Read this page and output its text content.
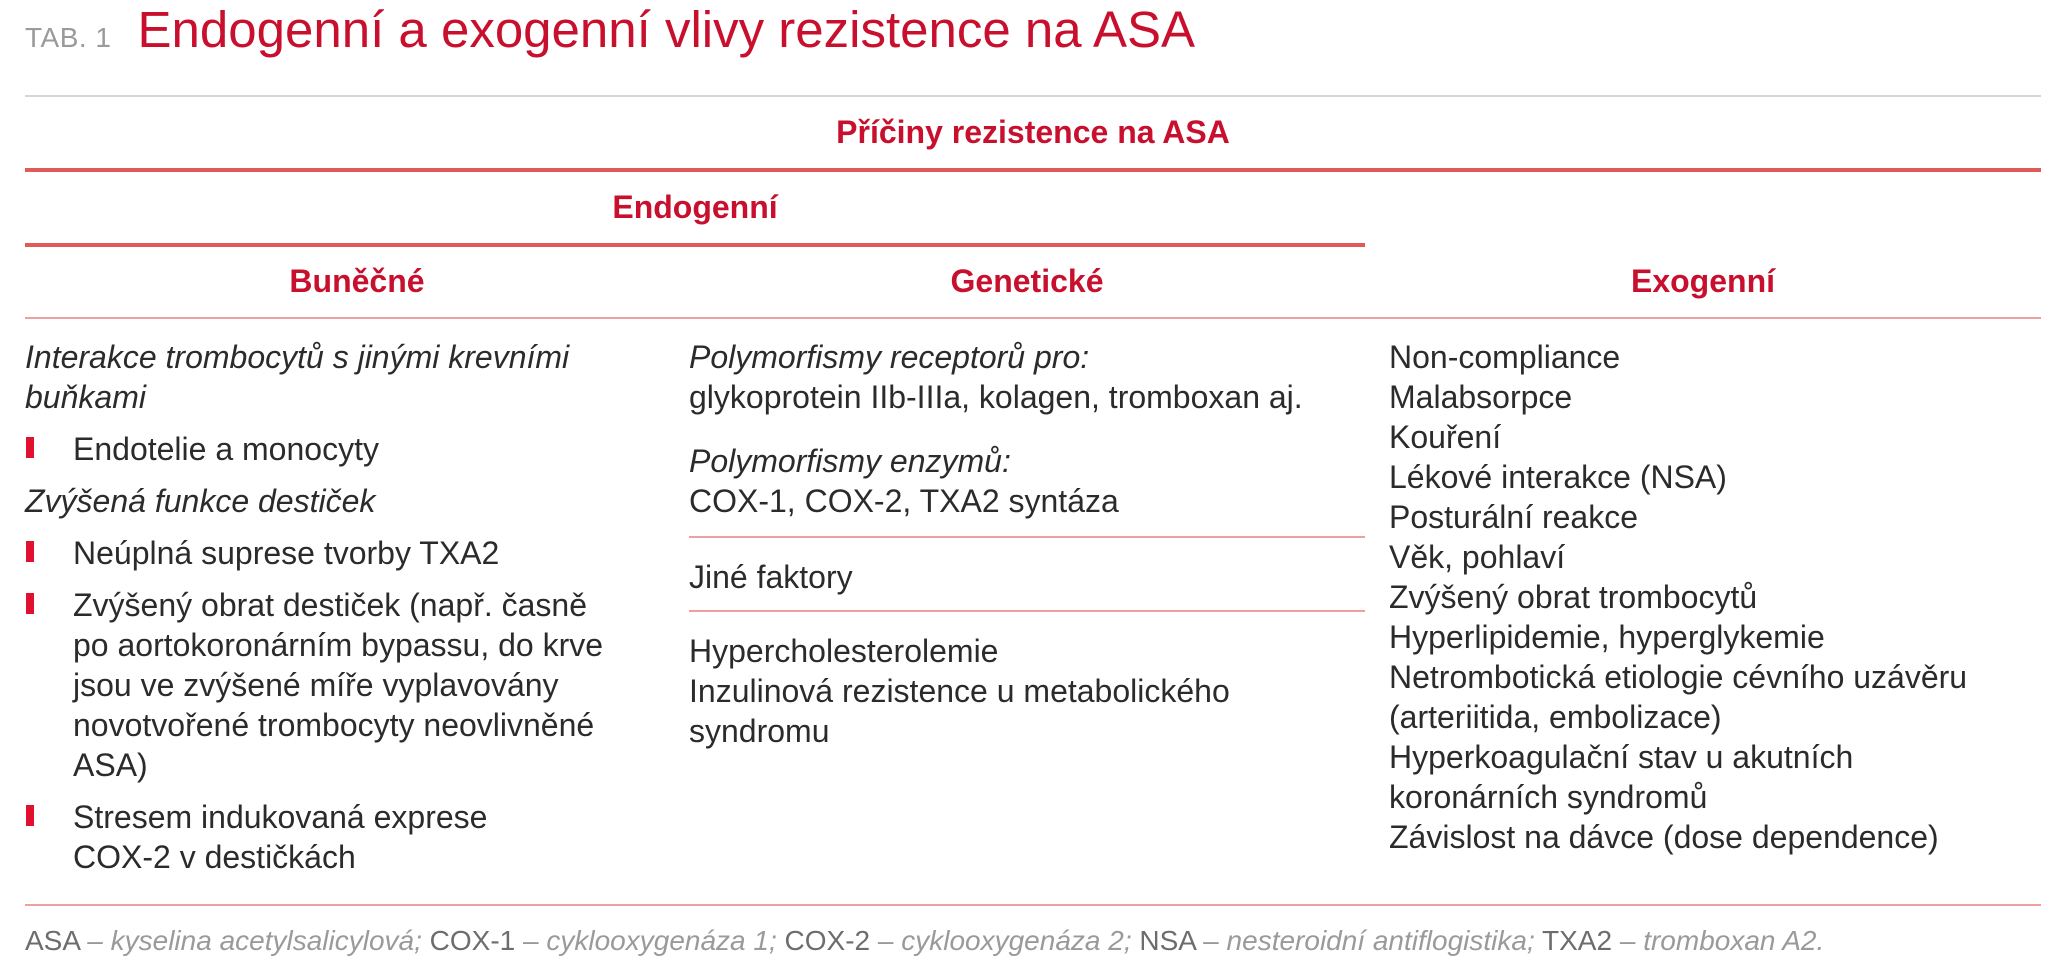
TAB. 1 Endogenní a exogenní vlivy rezistence na ASA
Příčiny rezistence na ASA
Endogenní
Buněčné	Genetické	Exogenní
Interakce trombocytů s jinými krevními
buňkami
Endotelie a monocyty
Zvýšená funkce destiček
Neúplná suprese tvorby TXA2
Zvýšený obrat destiček (např. časně
po aortokoronárním bypassu, do krve
jsou ve zvýšené míře vyplavovány
novotvořené trombocyty neovlivněné
ASA)
Stresem indukovaná exprese
COX-2 v destičkách
Polymorfismy receptorů pro:
glykoprotein IIb-IIIa, kolagen, tromboxan aj.
Polymorfismy enzymů:
COX-1, COX-2, TXA2 syntáza
Jiné faktory
Hypercholesterolemie
Inzulinová rezistence u metabolického
syndromu
Non-compliance
Malabsorpce
Kouření
Lékové interakce (NSA)
Posturální reakce
Věk, pohlaví
Zvýšený obrat trombocytů
Hyperlipidemie, hyperglykemie
Netrombotická etiologie cévního uzávěru
(arteriitida, embolizace)
Hyperkoagulační stav u akutních
koronárních syndromů
Závislost na dávce (dose dependence)
ASA – kyselina acetylsalicylová; COX-1 – cyklooxygenáza 1; COX-2 – cyklooxygenáza 2; NSA – nesteroidní antiflogistika; TXA2 – tromboxan A2.
